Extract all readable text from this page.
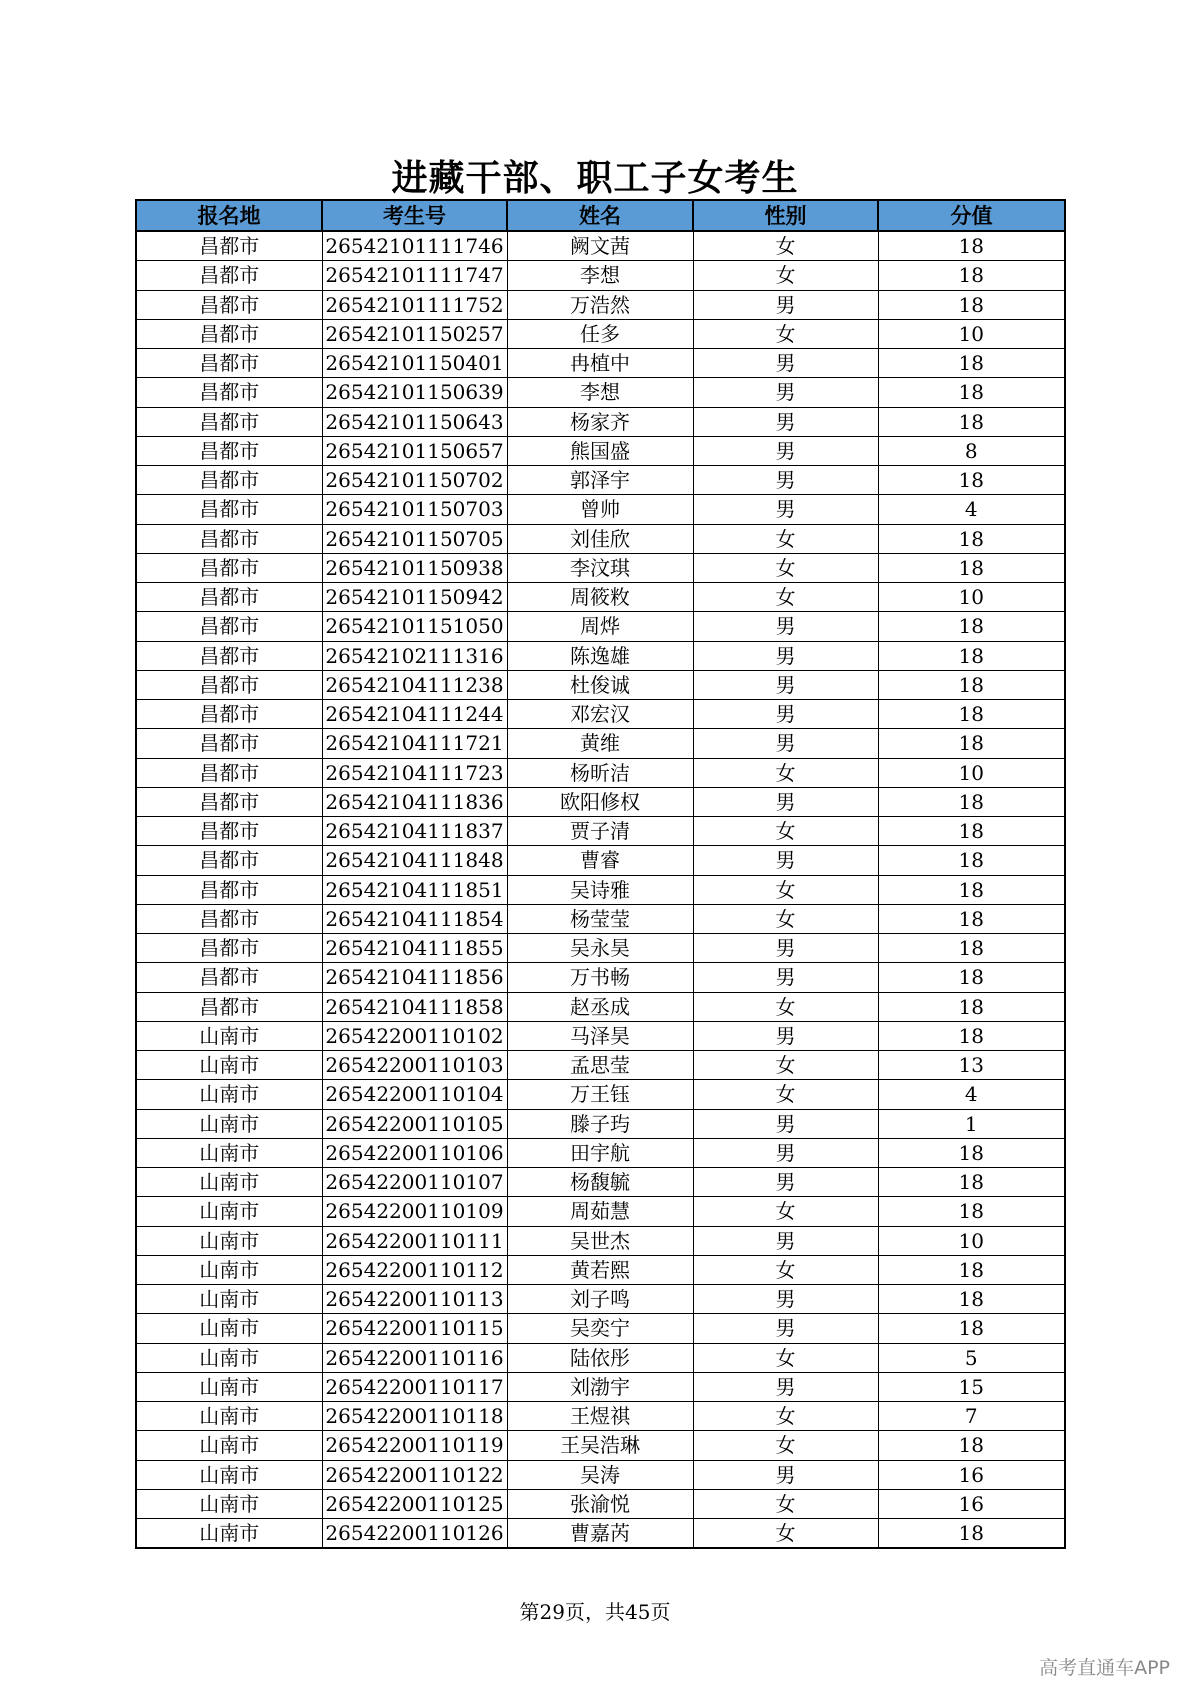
进藏干部、职工子女考生
报名地	考生号	姓名	性别	分值
昌都市	26542101111746	阙文茜	女	18
昌都市	26542101111747	李想	女	18
昌都市	26542101111752	万浩然	男	18
昌都市	26542101150257	任多	女	10
昌都市	26542101150401	冉植中	男	18
昌都市	26542101150639	李想	男	18
昌都市	26542101150643	杨家齐	男	18
昌都市	26542101150657	熊国盛	男	8
昌都市	26542101150702	郭泽宇	男	18
昌都市	26542101150703	曾帅	男	4
昌都市	26542101150705	刘佳欣	女	18
昌都市	26542101150938	李汶琪	女	18
昌都市	26542101150942	周筱敉	女	10
昌都市	26542101151050	周烨	男	18
昌都市	26542102111316	陈逸雄	男	18
昌都市	26542104111238	杜俊诚	男	18
昌都市	26542104111244	邓宏汉	男	18
昌都市	26542104111721	黄维	男	18
昌都市	26542104111723	杨昕洁	女	10
昌都市	26542104111836	欧阳修权	男	18
昌都市	26542104111837	贾子清	女	18
昌都市	26542104111848	曹睿	男	18
昌都市	26542104111851	吴诗雅	女	18
昌都市	26542104111854	杨莹莹	女	18
昌都市	26542104111855	吴永昊	男	18
昌都市	26542104111856	万书畅	男	18
昌都市	26542104111858	赵丞成	女	18
山南市	26542200110102	马泽昊	男	18
山南市	26542200110103	孟思莹	女	13
山南市	26542200110104	万王钰	女	4
山南市	26542200110105	滕子玙	男	1
山南市	26542200110106	田宇航	男	18
山南市	26542200110107	杨馥毓	男	18
山南市	26542200110109	周茹慧	女	18
山南市	26542200110111	吴世杰	男	10
山南市	26542200110112	黄若熙	女	18
山南市	26542200110113	刘子鸣	男	18
山南市	26542200110115	吴奕宁	男	18
山南市	26542200110116	陆依彤	女	5
山南市	26542200110117	刘渤宇	男	15
山南市	26542200110118	王煜祺	女	7
山南市	26542200110119	王吴浩琳	女	18
山南市	26542200110122	吴涛	男	16
山南市	26542200110125	张渝悦	女	16
山南市	26542200110126	曹嘉芮	女	18
第29页，共45页
高考直通车APP
